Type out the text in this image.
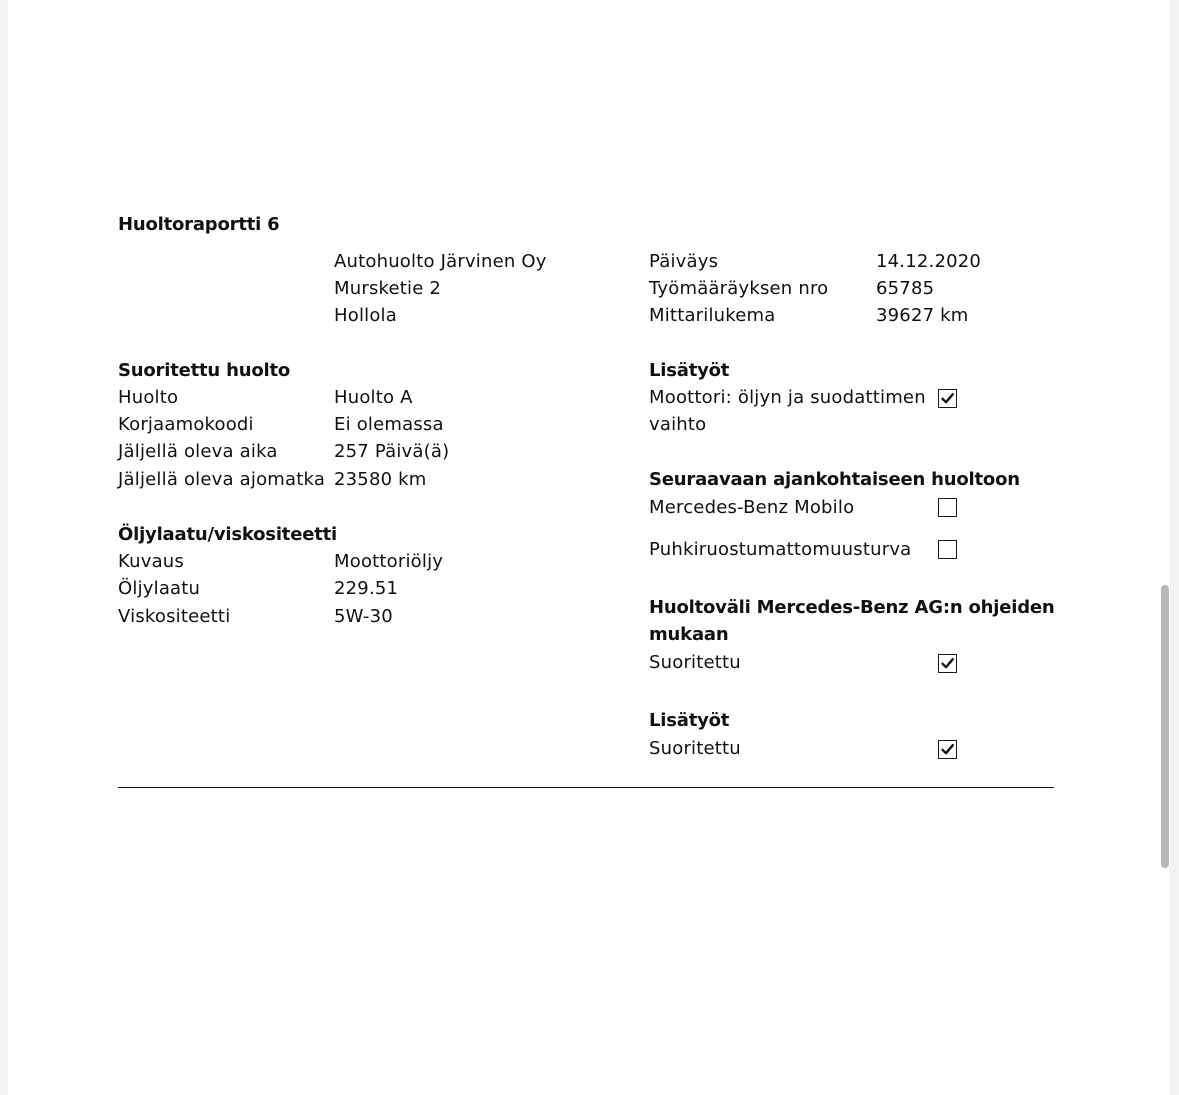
Huoltoraportti 6
Autohuolto Järvinen Oy
Mursketie 2
Hollola
Päiväys	14.12.2020
Työmääräyksen nro	65785
Mittarilukema	39627 km
Suoritettu huolto
Huolto	Huolto A
Korjaamokoodi	Ei olemassa
Jäljellä oleva aika	257 Päivä(ä)
Jäljellä oleva ajomatka 23580 km
Öljylaatu/viskositeetti
Kuvaus	Moottoriöljy
Öljylaatu	229.51
Viskositeetti	5W-30
Lisätyöt
Moottori: öljyn ja suodattimen
vaihto
Seuraavaan ajankohtaiseen huoltoon
Mercedes-Benz Mobilo
Puhkiruostumattomuusturva
Huoltoväli Mercedes-Benz AG:n ohjeiden
mukaan
Suoritettu
Lisätyöt
Suoritettu
